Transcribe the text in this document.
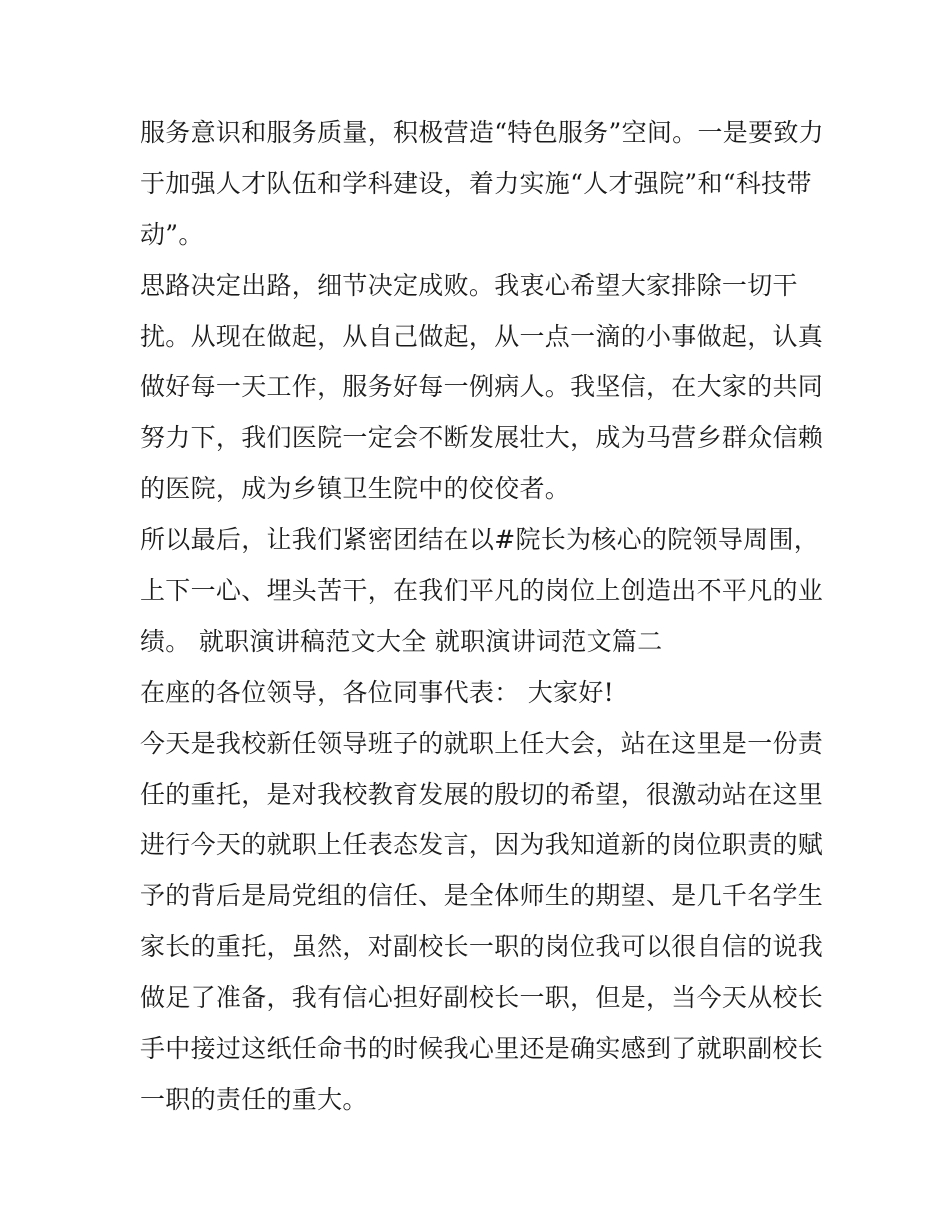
服务意识和服务质量，积极营造“特色服务”空间。一是要致力
于加强人才队伍和学科建设，着力实施“人才强院”和“科技带
动”。
思路决定出路，细节决定成败。我衷心希望大家排除一切干
扰。从现在做起，从自己做起，从一点一滴的小事做起，认真
做好每一天工作，服务好每一例病人。我坚信，在大家的共同
努力下，我们医院一定会不断发展壮大，成为马营乡群众信赖
的医院，成为乡镇卫生院中的佼佼者。
所以最后，让我们紧密团结在以#院长为核心的院领导周围，
上下一心、埋头苦干，在我们平凡的岗位上创造出不平凡的业
绩。 就职演讲稿范文大全 就职演讲词范文篇二
在座的各位领导，各位同事代表： 大家好!
今天是我校新任领导班子的就职上任大会，站在这里是一份责
任的重托，是对我校教育发展的殷切的希望，很激动站在这里
进行今天的就职上任表态发言，因为我知道新的岗位职责的赋
予的背后是局党组的信任、是全体师生的期望、是几千名学生
家长的重托，虽然，对副校长一职的岗位我可以很自信的说我
做足了准备，我有信心担好副校长一职，但是，当今天从校长
手中接过这纸任命书的时候我心里还是确实感到了就职副校长
一职的责任的重大。
